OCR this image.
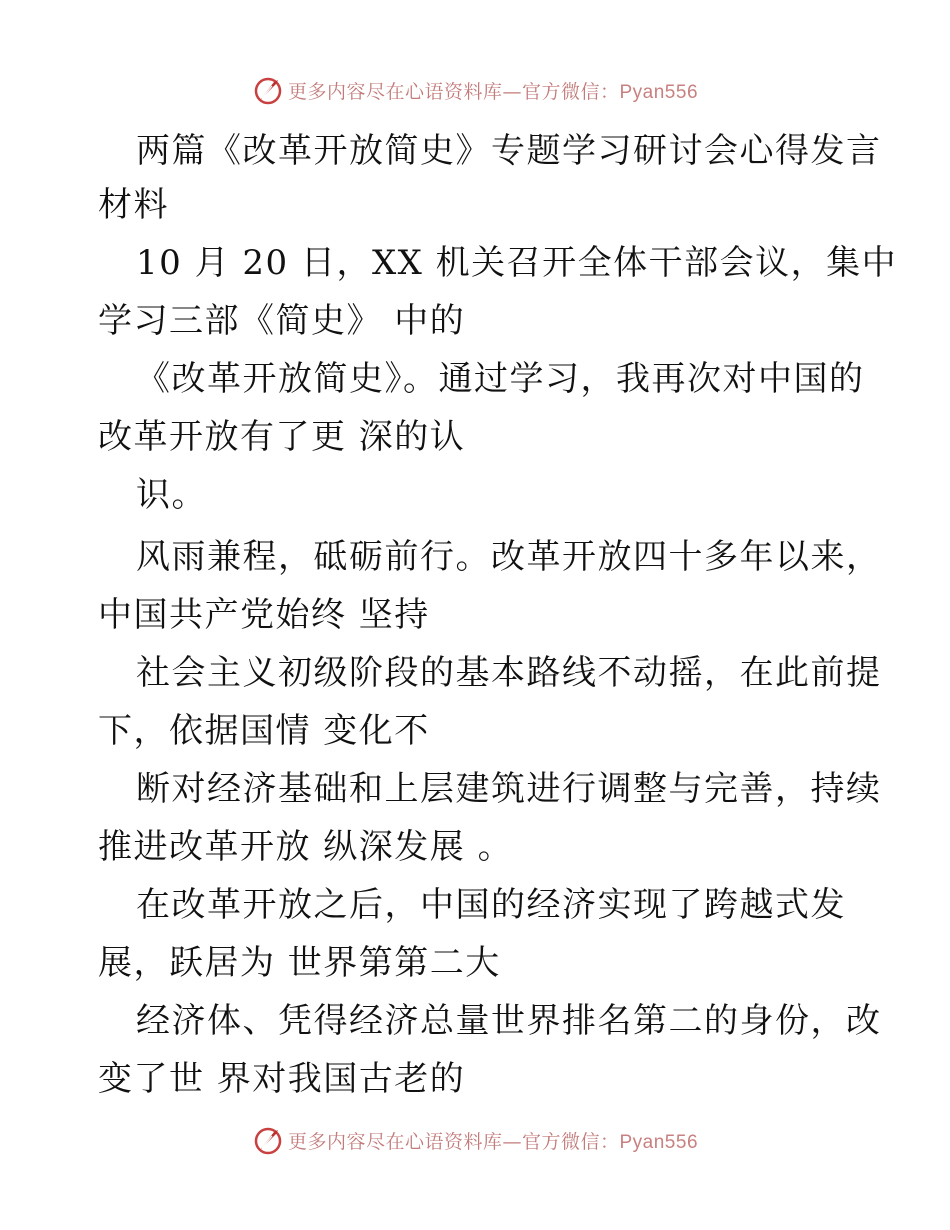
更多内容尽在心语资料库—官方微信：Pyan556
两篇《改革开放简史》专题学习研讨会心得发言
材料
10 月 20 日，XX 机关召开全体干部会议，集中
学习三部《简史》 中的
《改革开放简史》。通过学习，我再次对中国的
改革开放有了更 深的认
识。
风雨兼程，砥砺前行。改革开放四十多年以来，
中国共产党始终 坚持
社会主义初级阶段的基本路线不动摇，在此前提
下，依据国情 变化不
断对经济基础和上层建筑进行调整与完善，持续
推进改革开放 纵深发展 。
在改革开放之后，中国的经济实现了跨越式发
展，跃居为 世界第第二大
经济体、凭得经济总量世界排名第二的身份，改
变了世 界对我国古老的
更多内容尽在心语资料库—官方微信：Pyan556
